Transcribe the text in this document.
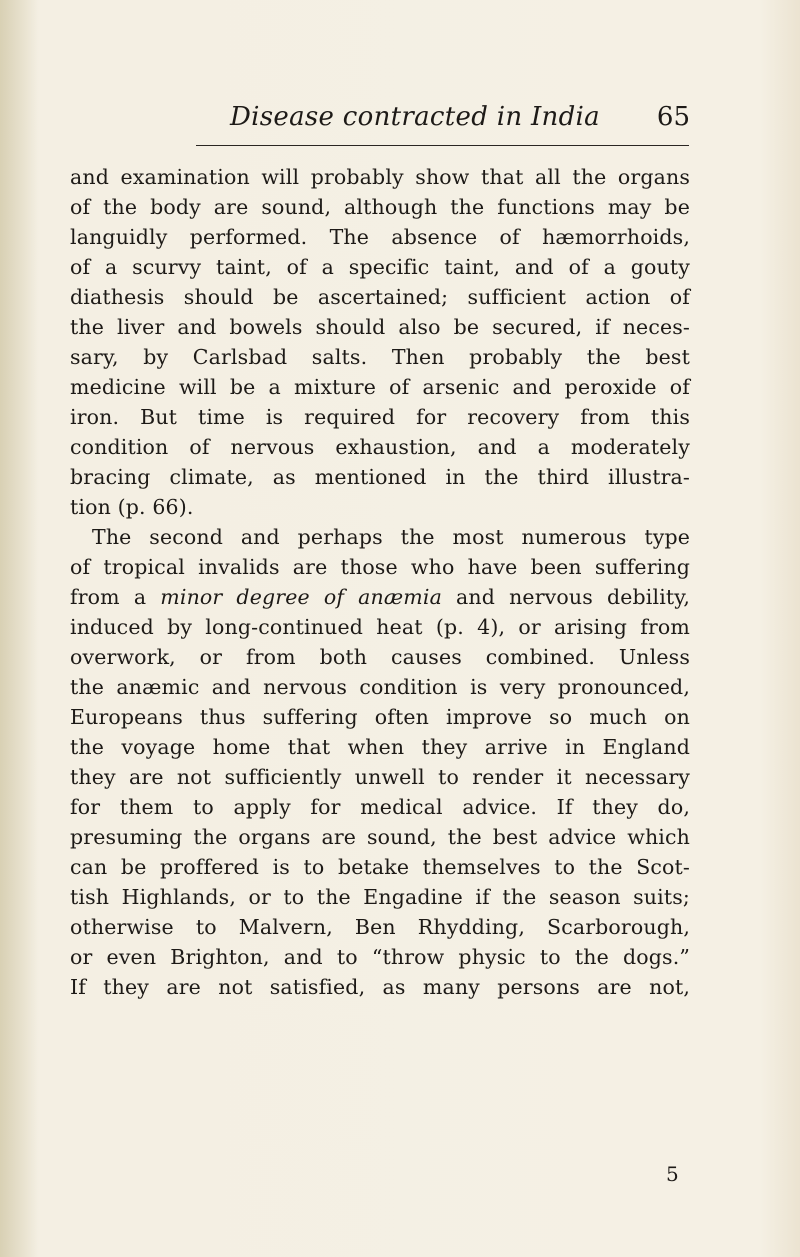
Disease contracted in India 65
and examination will probably show that all the organs
of the body are sound, although the functions may be
languidly performed. The absence of hæmorrhoids,
of a scurvy taint, of a specific taint, and of a gouty
diathesis should be ascertained; sufficient action of
the liver and bowels should also be secured, if neces-
sary, by Carlsbad salts. Then probably the best
medicine will be a mixture of arsenic and peroxide of
iron. But time is required for recovery from this
condition of nervous exhaustion, and a moderately
bracing climate, as mentioned in the third illustra-
tion (p. 66).
The second and perhaps the most numerous type
of tropical invalids are those who have been suffering
from a minor degree of anæmia and nervous debility,
induced by long-continued heat (p. 4), or arising from
overwork, or from both causes combined. Unless
the anæmic and nervous condition is very pronounced,
Europeans thus suffering often improve so much on
the voyage home that when they arrive in England
they are not sufficiently unwell to render it necessary
for them to apply for medical advice. If they do,
presuming the organs are sound, the best advice which
can be proffered is to betake themselves to the Scot-
tish Highlands, or to the Engadine if the season suits;
otherwise to Malvern, Ben Rhydding, Scarborough,
or even Brighton, and to “throw physic to the dogs.”
If they are not satisfied, as many persons are not,
5
